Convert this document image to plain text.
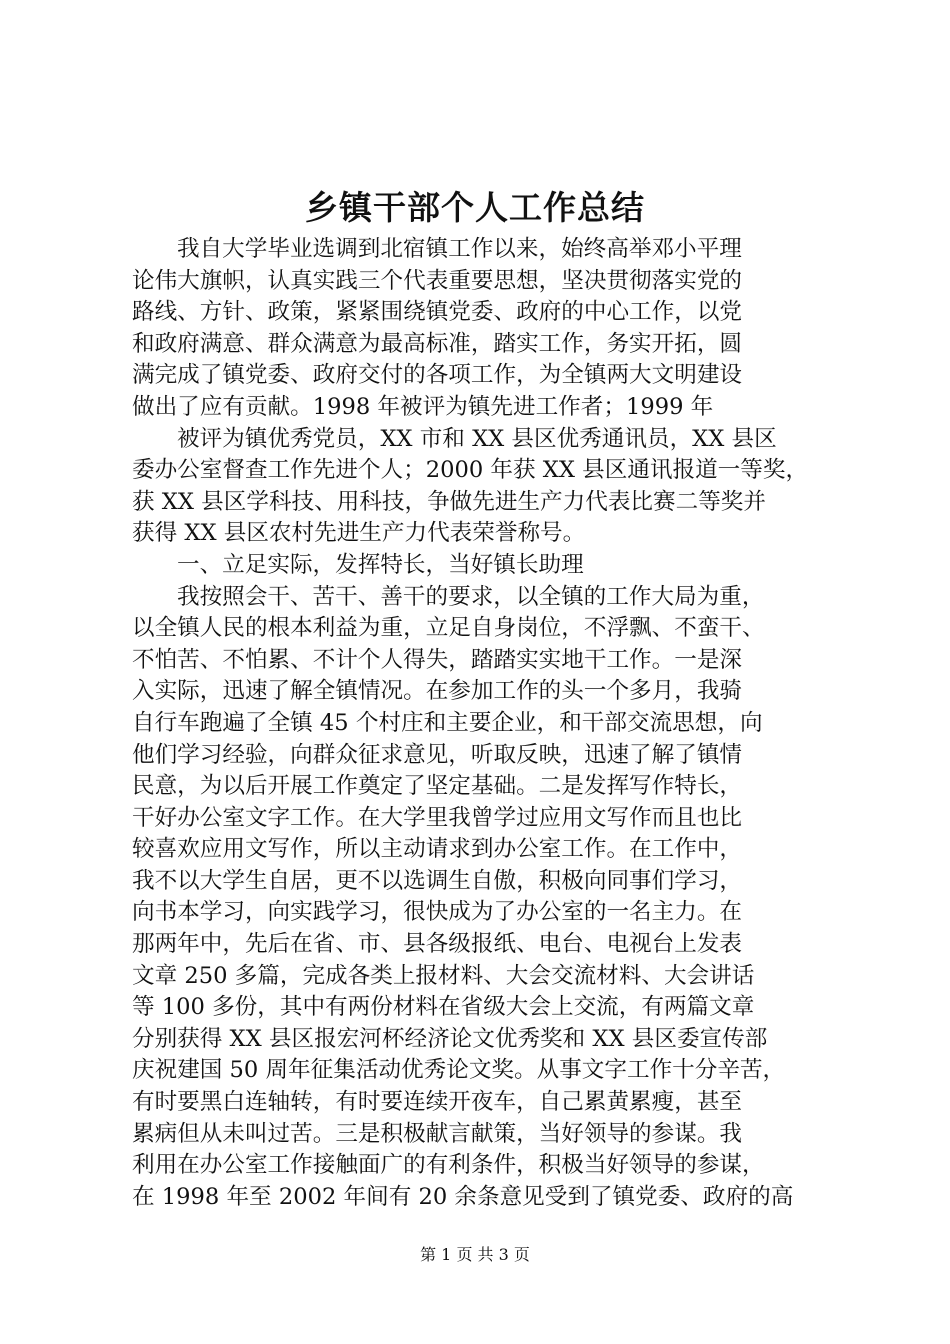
乡镇干部个人工作总结
我自大学毕业选调到北宿镇工作以来，始终高举邓小平理
论伟大旗帜，认真实践三个代表重要思想，坚决贯彻落实党的
路线、方针、政策，紧紧围绕镇党委、政府的中心工作，以党
和政府满意、群众满意为最高标准，踏实工作，务实开拓，圆
满完成了镇党委、政府交付的各项工作，为全镇两大文明建设
做出了应有贡献。1998 年被评为镇先进工作者；1999 年
被评为镇优秀党员，XX 市和 XX 县区优秀通讯员，XX 县区
委办公室督查工作先进个人；2000 年获 XX 县区通讯报道一等奖，
获 XX 县区学科技、用科技，争做先进生产力代表比赛二等奖并
获得 XX 县区农村先进生产力代表荣誉称号。
一、立足实际，发挥特长，当好镇长助理
我按照会干、苦干、善干的要求，以全镇的工作大局为重，
以全镇人民的根本利益为重，立足自身岗位，不浮飘、不蛮干、
不怕苦、不怕累、不计个人得失，踏踏实实地干工作。一是深
入实际，迅速了解全镇情况。在参加工作的头一个多月，我骑
自行车跑遍了全镇 45 个村庄和主要企业，和干部交流思想，向
他们学习经验，向群众征求意见，听取反映，迅速了解了镇情
民意，为以后开展工作奠定了坚定基础。二是发挥写作特长，
干好办公室文字工作。在大学里我曾学过应用文写作而且也比
较喜欢应用文写作，所以主动请求到办公室工作。在工作中，
我不以大学生自居，更不以选调生自傲，积极向同事们学习，
向书本学习，向实践学习，很快成为了办公室的一名主力。在
那两年中，先后在省、市、县各级报纸、电台、电视台上发表
文章 250 多篇，完成各类上报材料、大会交流材料、大会讲话
等 100 多份，其中有两份材料在省级大会上交流，有两篇文章
分别获得 XX 县区报宏河杯经济论文优秀奖和 XX 县区委宣传部
庆祝建国 50 周年征集活动优秀论文奖。从事文字工作十分辛苦，
有时要黑白连轴转，有时要连续开夜车，自己累黄累瘦，甚至
累病但从未叫过苦。三是积极献言献策，当好领导的参谋。我
利用在办公室工作接触面广的有利条件，积极当好领导的参谋，
在 1998 年至 2002 年间有 20 余条意见受到了镇党委、政府的高
第 1 页 共 3 页
